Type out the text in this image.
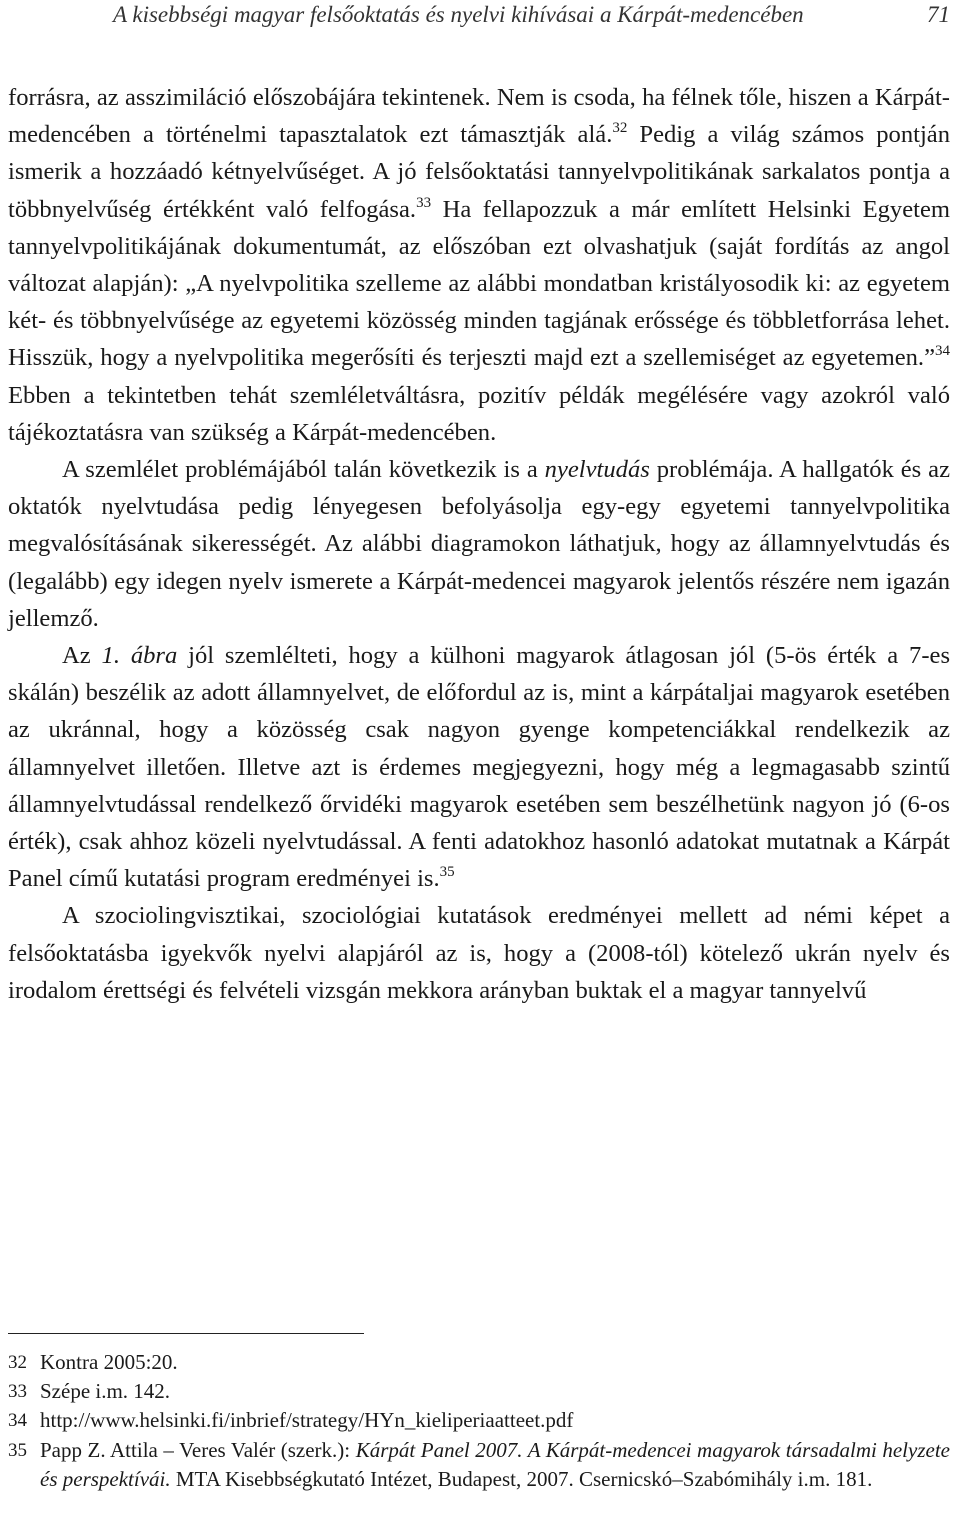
A kisebbségi magyar felsőoktatás és nyelvi kihívásai a Kárpát-medencében	71

forrásra, az asszimiláció előszobájára tekintenek. Nem is csoda, ha félnek tőle, hiszen a Kárpát-medencében a történelmi tapasztalatok ezt támasztják alá.$^{32}$ Pedig a világ számos pontján ismerik a hozzáadó kétnyelvűséget. A jó felsőoktatási tannyelvpolitikának sarkalatos pontja a többnyelvűség értékként való felfogása.$^{33}$ Ha fellapozzuk a már említett Helsinki Egyetem tannyelvpolitikájának dokumentumát, az előszóban ezt olvashatjuk (saját fordítás az angol változat alapján): „A nyelvpolitika szelleme az alábbi mondatban kristályosodik ki: az egyetem két- és többnyelvűsége az egyetemi közösség minden tagjának erőssége és többletforrása lehet. Hisszük, hogy a nyelvpolitika megerősíti és terjeszti majd ezt a szellemiséget az egyetemen.”$^{34}$ Ebben a tekintetben tehát szemléletváltásra, pozitív példák megélésére vagy azokról való tájékoztatásra van szükség a Kárpát-medencében.

A szemlélet problémájából talán következik is a nyelvtudás problémája. A hallgatók és az oktatók nyelvtudása pedig lényegesen befolyásolja egy-egy egyetemi tannyelvpolitika megvalósításának sikerességét. Az alábbi diagramokon láthatjuk, hogy az államnyelvtudás és (legalább) egy idegen nyelv ismerete a Kárpát-medencei magyarok jelentős részére nem igazán jellemző.

Az 1. ábra jól szemlélteti, hogy a külhoni magyarok átlagosan jól (5-ös érték a 7-es skálán) beszélik az adott államnyelvet, de előfordul az is, mint a kárpátaljai magyarok esetében az ukránnal, hogy a közösség csak nagyon gyenge kompetenciákkal rendelkezik az államnyelvet illetően. Illetve azt is érdemes megjegyezni, hogy még a legmagasabb szintű államnyelvtudással rendelkező őrvidéki magyarok esetében sem beszélhetünk nagyon jó (6-os érték), csak ahhoz közeli nyelvtudással. A fenti adatokhoz hasonló adatokat mutatnak a Kárpát Panel című kutatási program eredményei is.$^{35}$

A szociolingvisztikai, szociológiai kutatások eredményei mellett ad némi képet a felsőoktatásba igyekvők nyelvi alapjáról az is, hogy a (2008-tól) kötelező ukrán nyelv és irodalom érettségi és felvételi vizsgán mekkora arányban buktak el a magyar tannyelvű

32 Kontra 2005:20.
33 Szépe i.m. 142.
34 http://www.helsinki.fi/inbrief/strategy/HYn_kieliperiaatteet.pdf
35 Papp Z. Attila – Veres Valér (szerk.): Kárpát Panel 2007. A Kárpát-medencei magyarok társadalmi helyzete és perspektívái. MTA Kisebbségkutató Intézet, Budapest, 2007. Csernicskó–Szabómihály i.m. 181.
